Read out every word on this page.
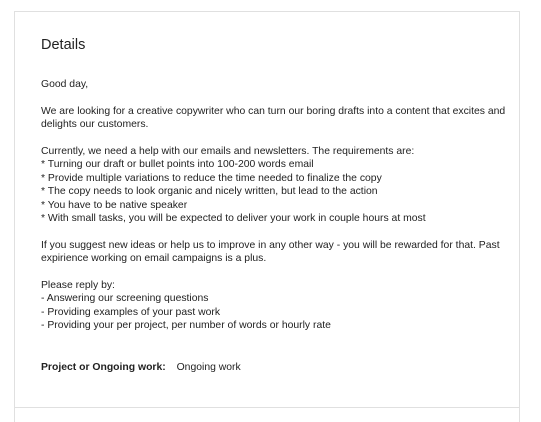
Details

Good day,

We are looking for a creative copywriter who can turn our boring drafts into a content that excites and delights our customers.

Currently, we need a help with our emails and newsletters. The requirements are:
* Turning our draft or bullet points into 100-200 words email
* Provide multiple variations to reduce the time needed to finalize the copy
* The copy needs to look organic and nicely written, but lead to the action
* You have to be native speaker
* With small tasks, you will be expected to deliver your work in couple hours at most

If you suggest new ideas or help us to improve in any other way - you will be rewarded for that. Past expirience working on email campaigns is a plus.

Please reply by:
- Answering our screening questions
- Providing examples of your past work
- Providing your per project, per number of words or hourly rate
Project or Ongoing work: Ongoing work
